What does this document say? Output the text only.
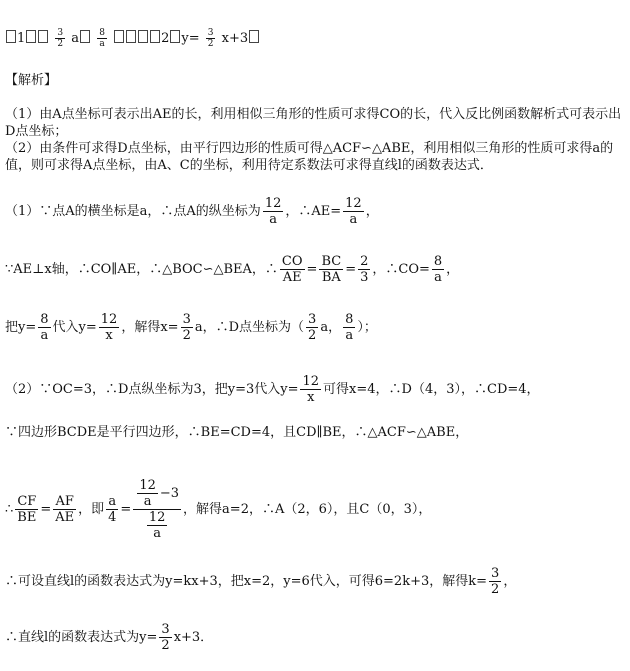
1	$\frac{3}{2}$ a $\frac{8}{a}$	2 $y= \frac{3}{2} x+3$
【解析】
（1）由A点坐标可表示出AE的长，利用相似三角形的性质可求得CO的长，代入反比例函数解析式可表示出D点坐标；
（2）由条件可求得D点坐标，由平行四边形的性质可得△ACF∽△ABE，利用相似三角形的性质可求得a的值，则可求得A点坐标，由A、C的坐标，利用待定系数法可求得直线l的函数表达式．
（1）∵点A的横坐标是a，∴点A的纵坐标为 $\frac{12}{a}$ ，∴AE= $\frac{12}{a}$ ，
∵AE⊥x轴，∴CO∥AE，∴△BOC∽△BEA，∴ $\frac{CO}{AE} = \frac{BC}{BA} = \frac{2}{3}$ ，∴CO= $\frac{8}{a}$ ，
把$y= \frac{8}{a}$ 代入$y= \frac{12}{x}$ ，解得$x= \frac{3}{2}$ a，∴D点坐标为（ $\frac{3}{2}$ a， $\frac{8}{a}$ ）；
（2）∵OC=3，∴D点纵坐标为3，把y=3代入$y= \frac{12}{x}$ 可得x=4，∴D（4，3），∴CD=4，
∵四边形BCDE是平行四边形，∴BE=CD=4，且CD∥BE，∴△ACF∽△ABE，
∴ $\frac{CF}{BE} = \frac{AF}{AE}$ ，即 $\frac{a}{4} = \frac{\frac{12}{a} -3}{\frac{12}{a}}$ ，解得a=2，∴A（2，6），且C（0，3），
∴可设直线l的函数表达式为y=kx+3，把x=2，y=6代入，可得6=2k+3，解得$k= \frac{3}{2}$ ，
∴直线l的函数表达式为$y= \frac{3}{2} x+3$．
